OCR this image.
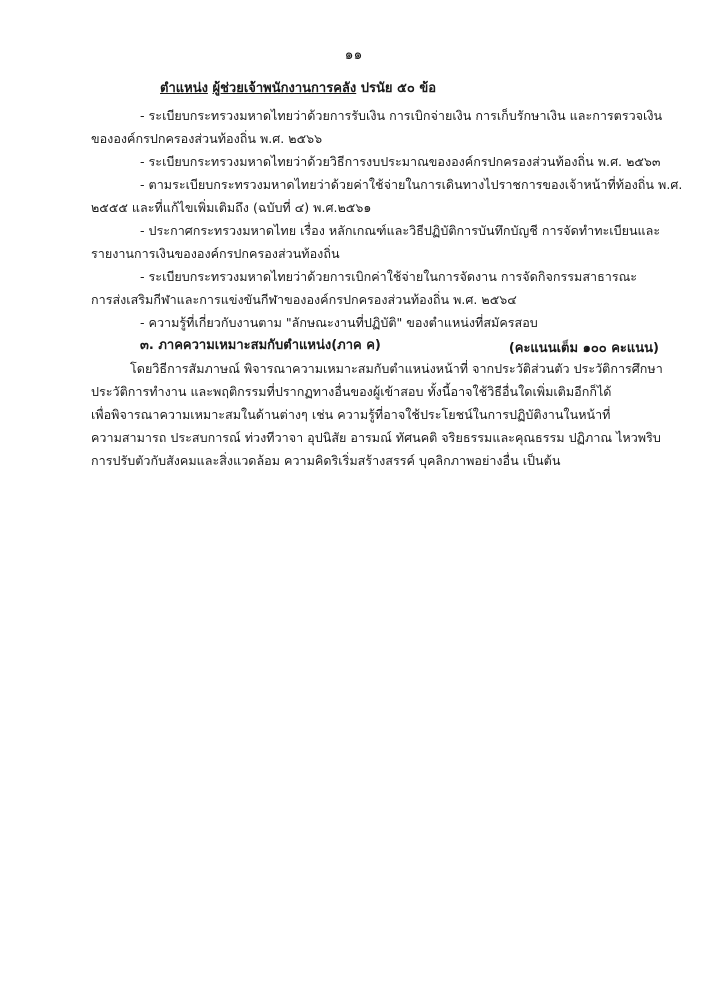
๑๑
ตำแหน่ง ผู้ช่วยเจ้าพนักงานการคลัง ปรนัย ๕๐ ข้อ
- ระเบียบกระทรวงมหาดไทยว่าด้วยการรับเงิน การเบิกจ่ายเงิน การเก็บรักษาเงิน และการตรวจเงิน
ขององค์กรปกครองส่วนท้องถิ่น พ.ศ. ๒๕๖๖
- ระเบียบกระทรวงมหาดไทยว่าด้วยวิธีการงบประมาณขององค์กรปกครองส่วนท้องถิ่น พ.ศ. ๒๕๖๓
- ตามระเบียบกระทรวงมหาดไทยว่าด้วยค่าใช้จ่ายในการเดินทางไปราชการของเจ้าหน้าที่ท้องถิ่น พ.ศ.
๒๕๕๕ และที่แก้ไขเพิ่มเติมถึง (ฉบับที่ ๔) พ.ศ.๒๕๖๑
- ประกาศกระทรวงมหาดไทย เรื่อง หลักเกณฑ์และวิธีปฏิบัติการบันทึกบัญชี การจัดทำทะเบียนและ
รายงานการเงินขององค์กรปกครองส่วนท้องถิ่น
- ระเบียบกระทรวงมหาดไทยว่าด้วยการเบิกค่าใช้จ่ายในการจัดงาน การจัดกิจกรรมสาธารณะ
การส่งเสริมกีฬาและการแข่งขันกีฬาขององค์กรปกครองส่วนท้องถิ่น พ.ศ. ๒๕๖๔
- ความรู้ที่เกี่ยวกับงานตาม "ลักษณะงานที่ปฏิบัติ" ของตำแหน่งที่สมัครสอบ
๓. ภาคความเหมาะสมกับตำแหน่ง(ภาค ค)	(คะแนนเต็ม ๑๐๐ คะแนน)
โดยวิธีการสัมภาษณ์ พิจารณาความเหมาะสมกับตำแหน่งหน้าที่ จากประวัติส่วนตัว ประวัติการศึกษา
ประวัติการทำงาน และพฤติกรรมที่ปรากฏทางอื่นของผู้เข้าสอบ ทั้งนี้อาจใช้วิธีอื่นใดเพิ่มเติมอีกก็ได้
เพื่อพิจารณาความเหมาะสมในด้านต่างๆ เช่น ความรู้ที่อาจใช้ประโยชน์ในการปฏิบัติงานในหน้าที่
ความสามารถ ประสบการณ์ ท่วงทีวาจา อุปนิสัย อารมณ์ ทัศนคติ จริยธรรมและคุณธรรม ปฏิภาณ ไหวพริบ
การปรับตัวกับสังคมและสิ่งแวดล้อม ความคิดริเริ่มสร้างสรรค์ บุคลิกภาพอย่างอื่น เป็นต้น
